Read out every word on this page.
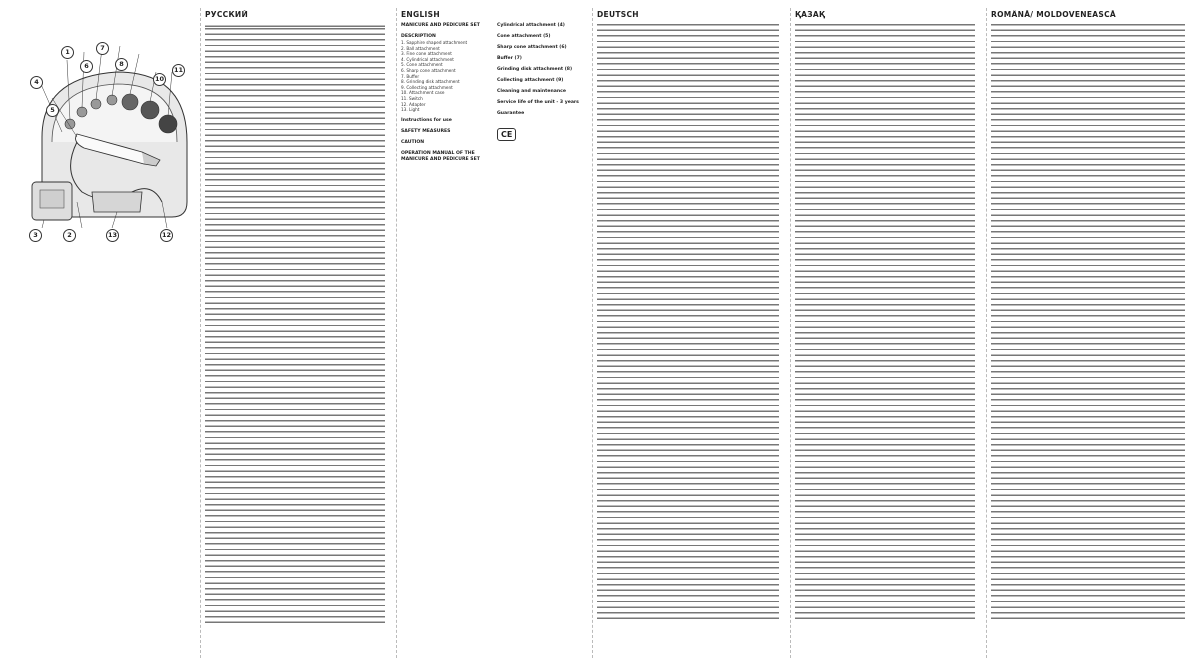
1
6
7
8
10
11
4
5
3	2	13	12
РУССКИЙ	ENGLISH
MANICURE AND PEDICURE SET
DESCRIPTION
1. Sapphire shaped attachment
2. Ball attachment
3. Fine cone attachment
4. Cylindrical attachment
5. Cone attachment
6. Sharp cone attachment
7. Buffer
8. Grinding disk attachment
9. Collecting attachment
10. Attachment case
11. Switch
12. Adapter
13. Light
Instructions for use
SAFETY MEASURES
CAUTION
OPERATION MANUAL OF THE MANICURE AND PEDICURE SET
Cylindrical attachment (4)
Cone attachment (5)
Sharp cone attachment (6)
Buffer (7)
Grinding disk attachment (8)
Collecting attachment (9)
Cleaning and maintenance
Service life of the unit - 3 years
Guarantee
CE
DEUTSCH	ҚАЗАҚ	ROMÂNĂ/ MOLDOVENEASCĂ
